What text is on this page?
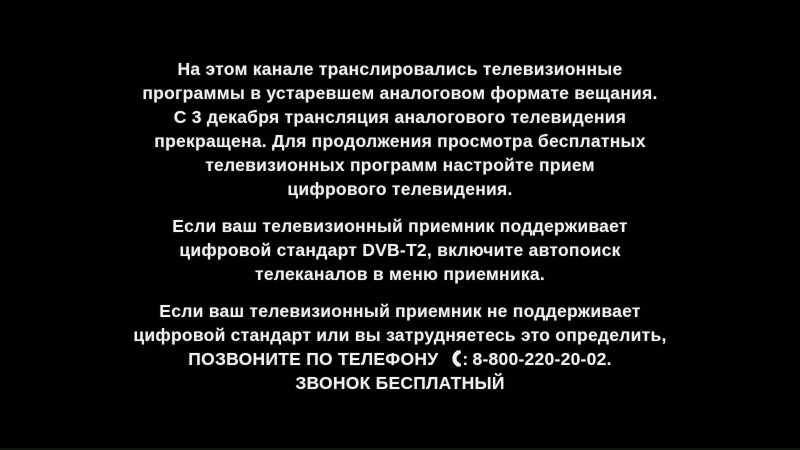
На этом канале транслировались телевизионные
программы в устаревшем аналоговом формате вещания.
С 3 декабря трансляция аналогового телевидения
прекращена. Для продолжения просмотра бесплатных
телевизионных программ настройте прием
цифрового телевидения.

Если ваш телевизионный приемник поддерживает
цифровой стандарт DVB-T2, включите автопоиск
телеканалов в меню приемника.

Если ваш телевизионный приемник не поддерживает
цифровой стандарт или вы затрудняетесь это определить,
ПОЗВОНИТЕ ПО ТЕЛЕФОНУ : 8-800-220-20-02.
ЗВОНОК БЕСПЛАТНЫЙ
